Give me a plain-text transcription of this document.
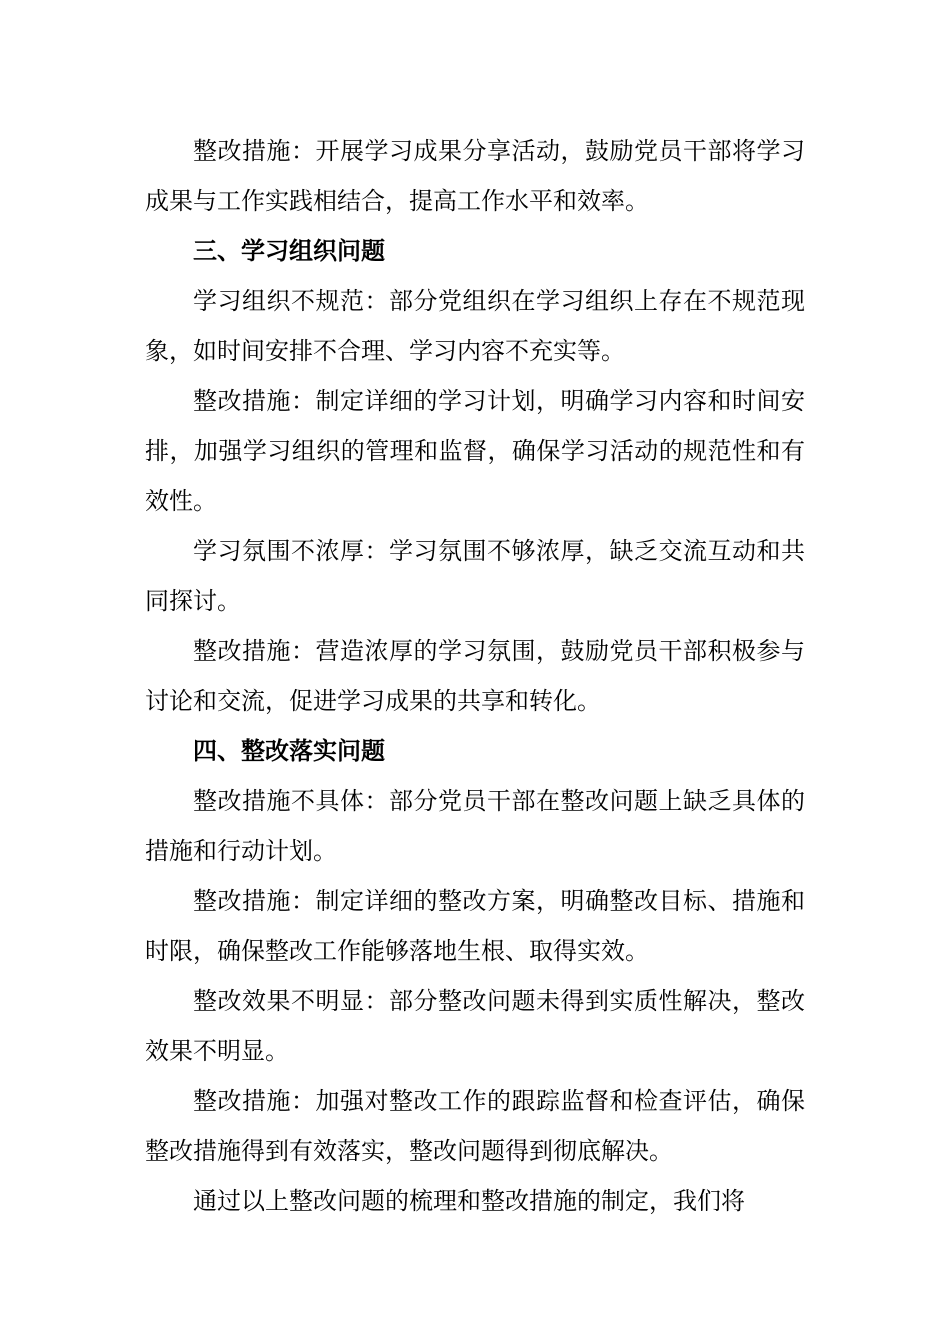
整改措施：开展学习成果分享活动，鼓励党员干部将学习成果与工作实践相结合，提高工作水平和效率。

三、学习组织问题

学习组织不规范：部分党组织在学习组织上存在不规范现象，如时间安排不合理、学习内容不充实等。

整改措施：制定详细的学习计划，明确学习内容和时间安排，加强学习组织的管理和监督，确保学习活动的规范性和有效性。

学习氛围不浓厚：学习氛围不够浓厚，缺乏交流互动和共同探讨。

整改措施：营造浓厚的学习氛围，鼓励党员干部积极参与讨论和交流，促进学习成果的共享和转化。

四、整改落实问题

整改措施不具体：部分党员干部在整改问题上缺乏具体的措施和行动计划。

整改措施：制定详细的整改方案，明确整改目标、措施和时限，确保整改工作能够落地生根、取得实效。

整改效果不明显：部分整改问题未得到实质性解决，整改效果不明显。

整改措施：加强对整改工作的跟踪监督和检查评估，确保整改措施得到有效落实，整改问题得到彻底解决。

通过以上整改问题的梳理和整改措施的制定，我们将
